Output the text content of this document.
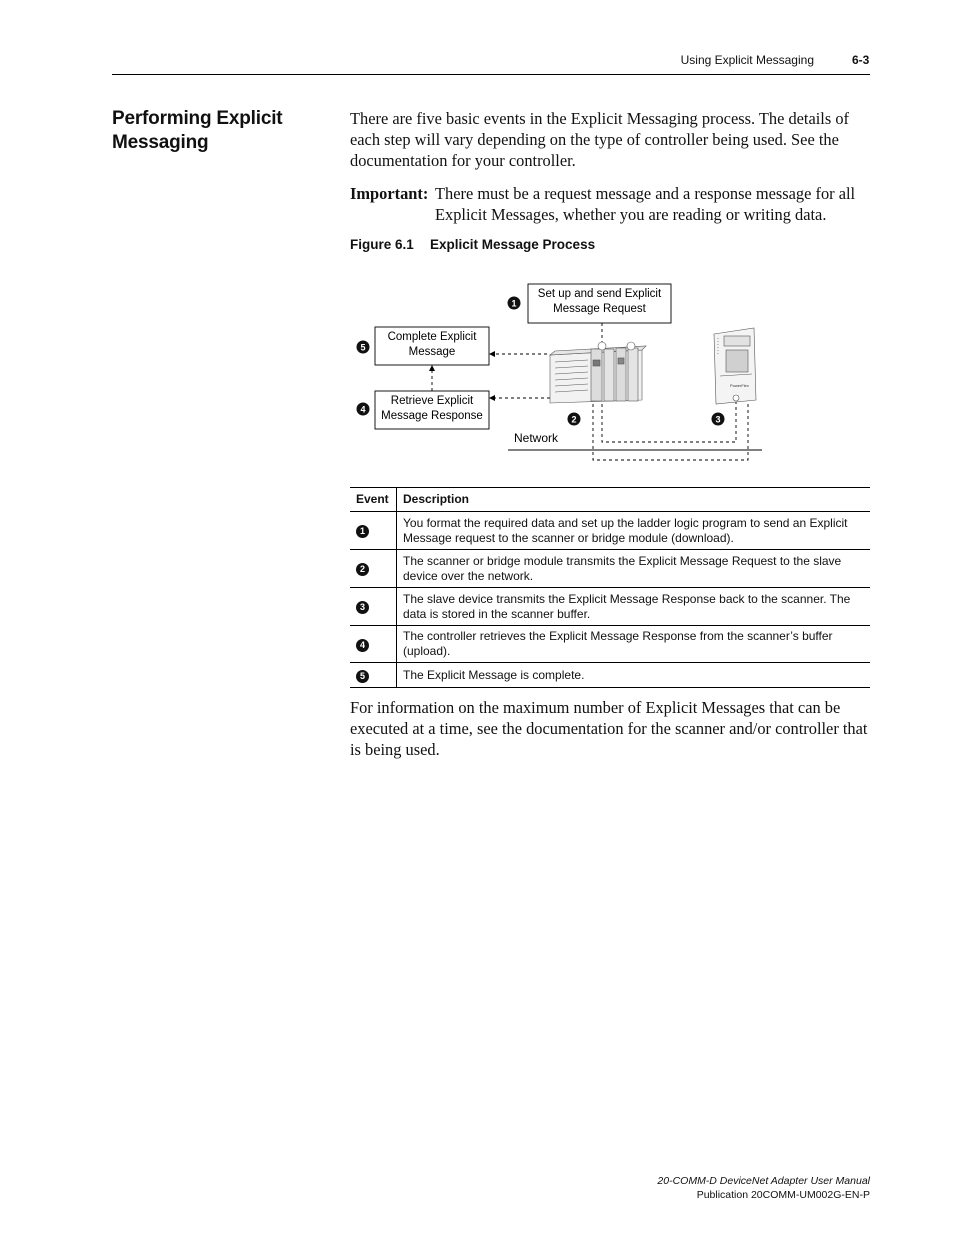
Using Explicit Messaging	6-3
Performing Explicit Messaging

There are five basic events in the Explicit Messaging process. The details of each step will vary depending on the type of controller being used. See the documentation for your controller.

Important: There must be a request message and a response message for all Explicit Messages, whether you are reading or writing data.
Figure 6.1 Explicit Message Process
Set up and send Explicit
Message Request
1
Complete Explicit
Message
5
Retrieve Explicit
Message Response
4
2
PowerFlex
3
Network
Event	Description
1	You format the required data and set up the ladder logic program to send an Explicit Message request to the scanner or bridge module (download).
2	The scanner or bridge module transmits the Explicit Message Request to the slave device over the network.
3	The slave device transmits the Explicit Message Response back to the scanner. The data is stored in the scanner buffer.
4	The controller retrieves the Explicit Message Response from the scanner’s buffer (upload).
5	The Explicit Message is complete.

For information on the maximum number of Explicit Messages that can be executed at a time, see the documentation for the scanner and/or controller that is being used.

20-COMM-D DeviceNet Adapter User Manual
Publication 20COMM-UM002G-EN-P
